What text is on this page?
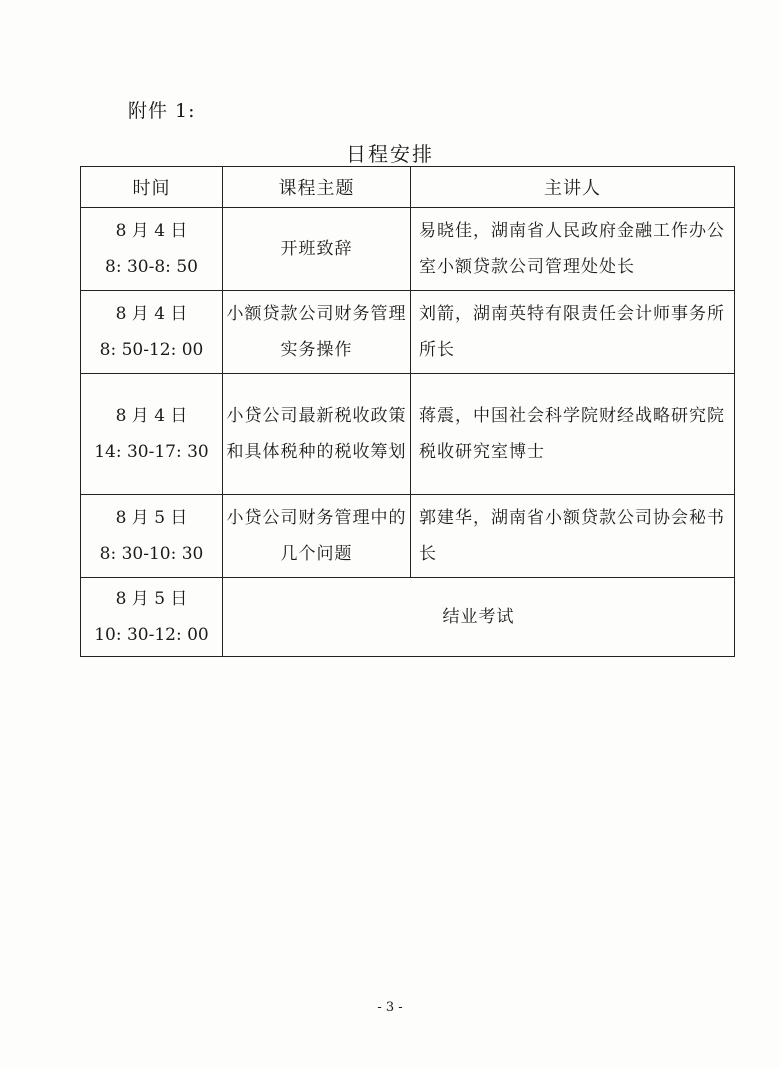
附件 1:
日程安排
时间	课程主题	主讲人

8 月 4 日
8: 30-8: 50	开班致辞	易晓佳，湖南省人民政府金融工作办公室小额贷款公司管理处处长

8 月 4 日
8: 50-12: 00	小额贷款公司财务管理实务操作	刘箭，湖南英特有限责任会计师事务所所长

8 月 4 日
14: 30-17: 30	小贷公司最新税收政策和具体税种的税收筹划	蒋震，中国社会科学院财经战略研究院税收研究室博士

8 月 5 日
8: 30-10: 30	小贷公司财务管理中的几个问题	郭建华，湖南省小额贷款公司协会秘书长

8 月 5 日
10: 30-12: 00	结业考试	
- 3 -
